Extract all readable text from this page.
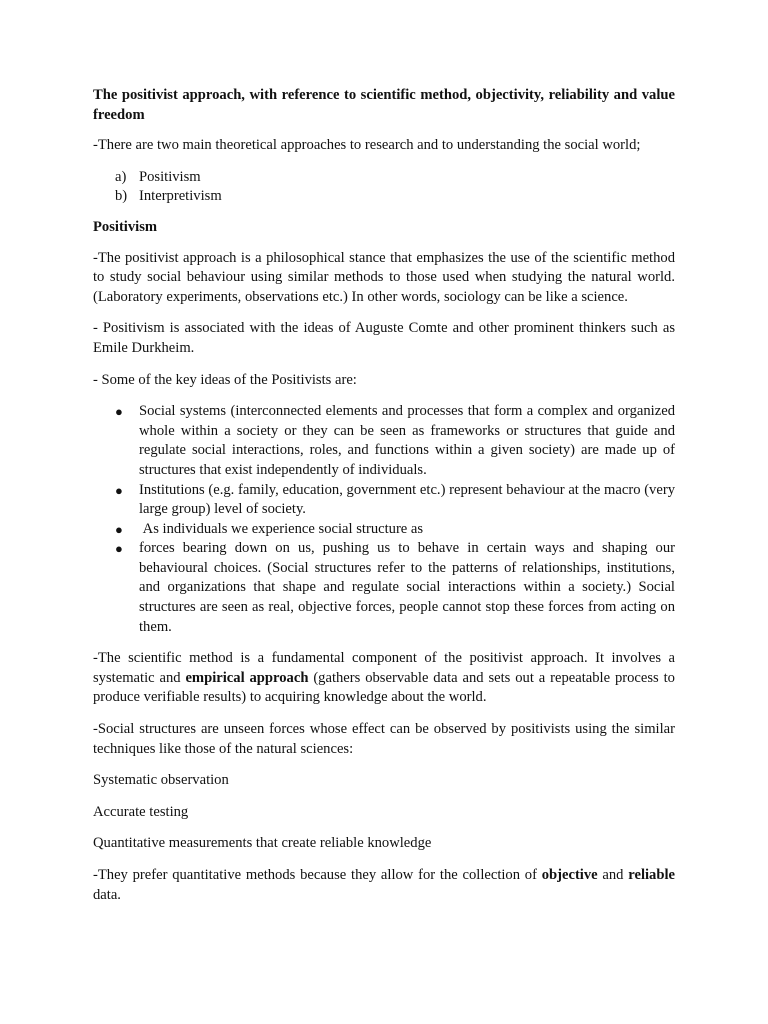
The positivist approach, with reference to scientific method, objectivity, reliability and value freedom

-There are two main theoretical approaches to research and to understanding the social world;

a) Positivism
b) Interpretivism

Positivism

-The positivist approach is a philosophical stance that emphasizes the use of the scientific method to study social behaviour using similar methods to those used when studying the natural world. (Laboratory experiments, observations etc.) In other words, sociology can be like a science.

- Positivism is associated with the ideas of Auguste Comte and other prominent thinkers such as Emile Durkheim.

- Some of the key ideas of the Positivists are:

● Social systems (interconnected elements and processes that form a complex and organized whole within a society or they can be seen as frameworks or structures that guide and regulate social interactions, roles, and functions within a given society) are made up of structures that exist independently of individuals.
● Institutions (e.g. family, education, government etc.) represent behaviour at the macro (very large group) level of society.
● As individuals we experience social structure as
● forces bearing down on us, pushing us to behave in certain ways and shaping our behavioural choices. (Social structures refer to the patterns of relationships, institutions, and organizations that shape and regulate social interactions within a society.) Social structures are seen as real, objective forces, people cannot stop these forces from acting on them.

-The scientific method is a fundamental component of the positivist approach. It involves a systematic and empirical approach (gathers observable data and sets out a repeatable process to produce verifiable results) to acquiring knowledge about the world.

-Social structures are unseen forces whose effect can be observed by positivists using the similar techniques like those of the natural sciences:

Systematic observation

Accurate testing

Quantitative measurements that create reliable knowledge

-They prefer quantitative methods because they allow for the collection of objective and reliable data.
